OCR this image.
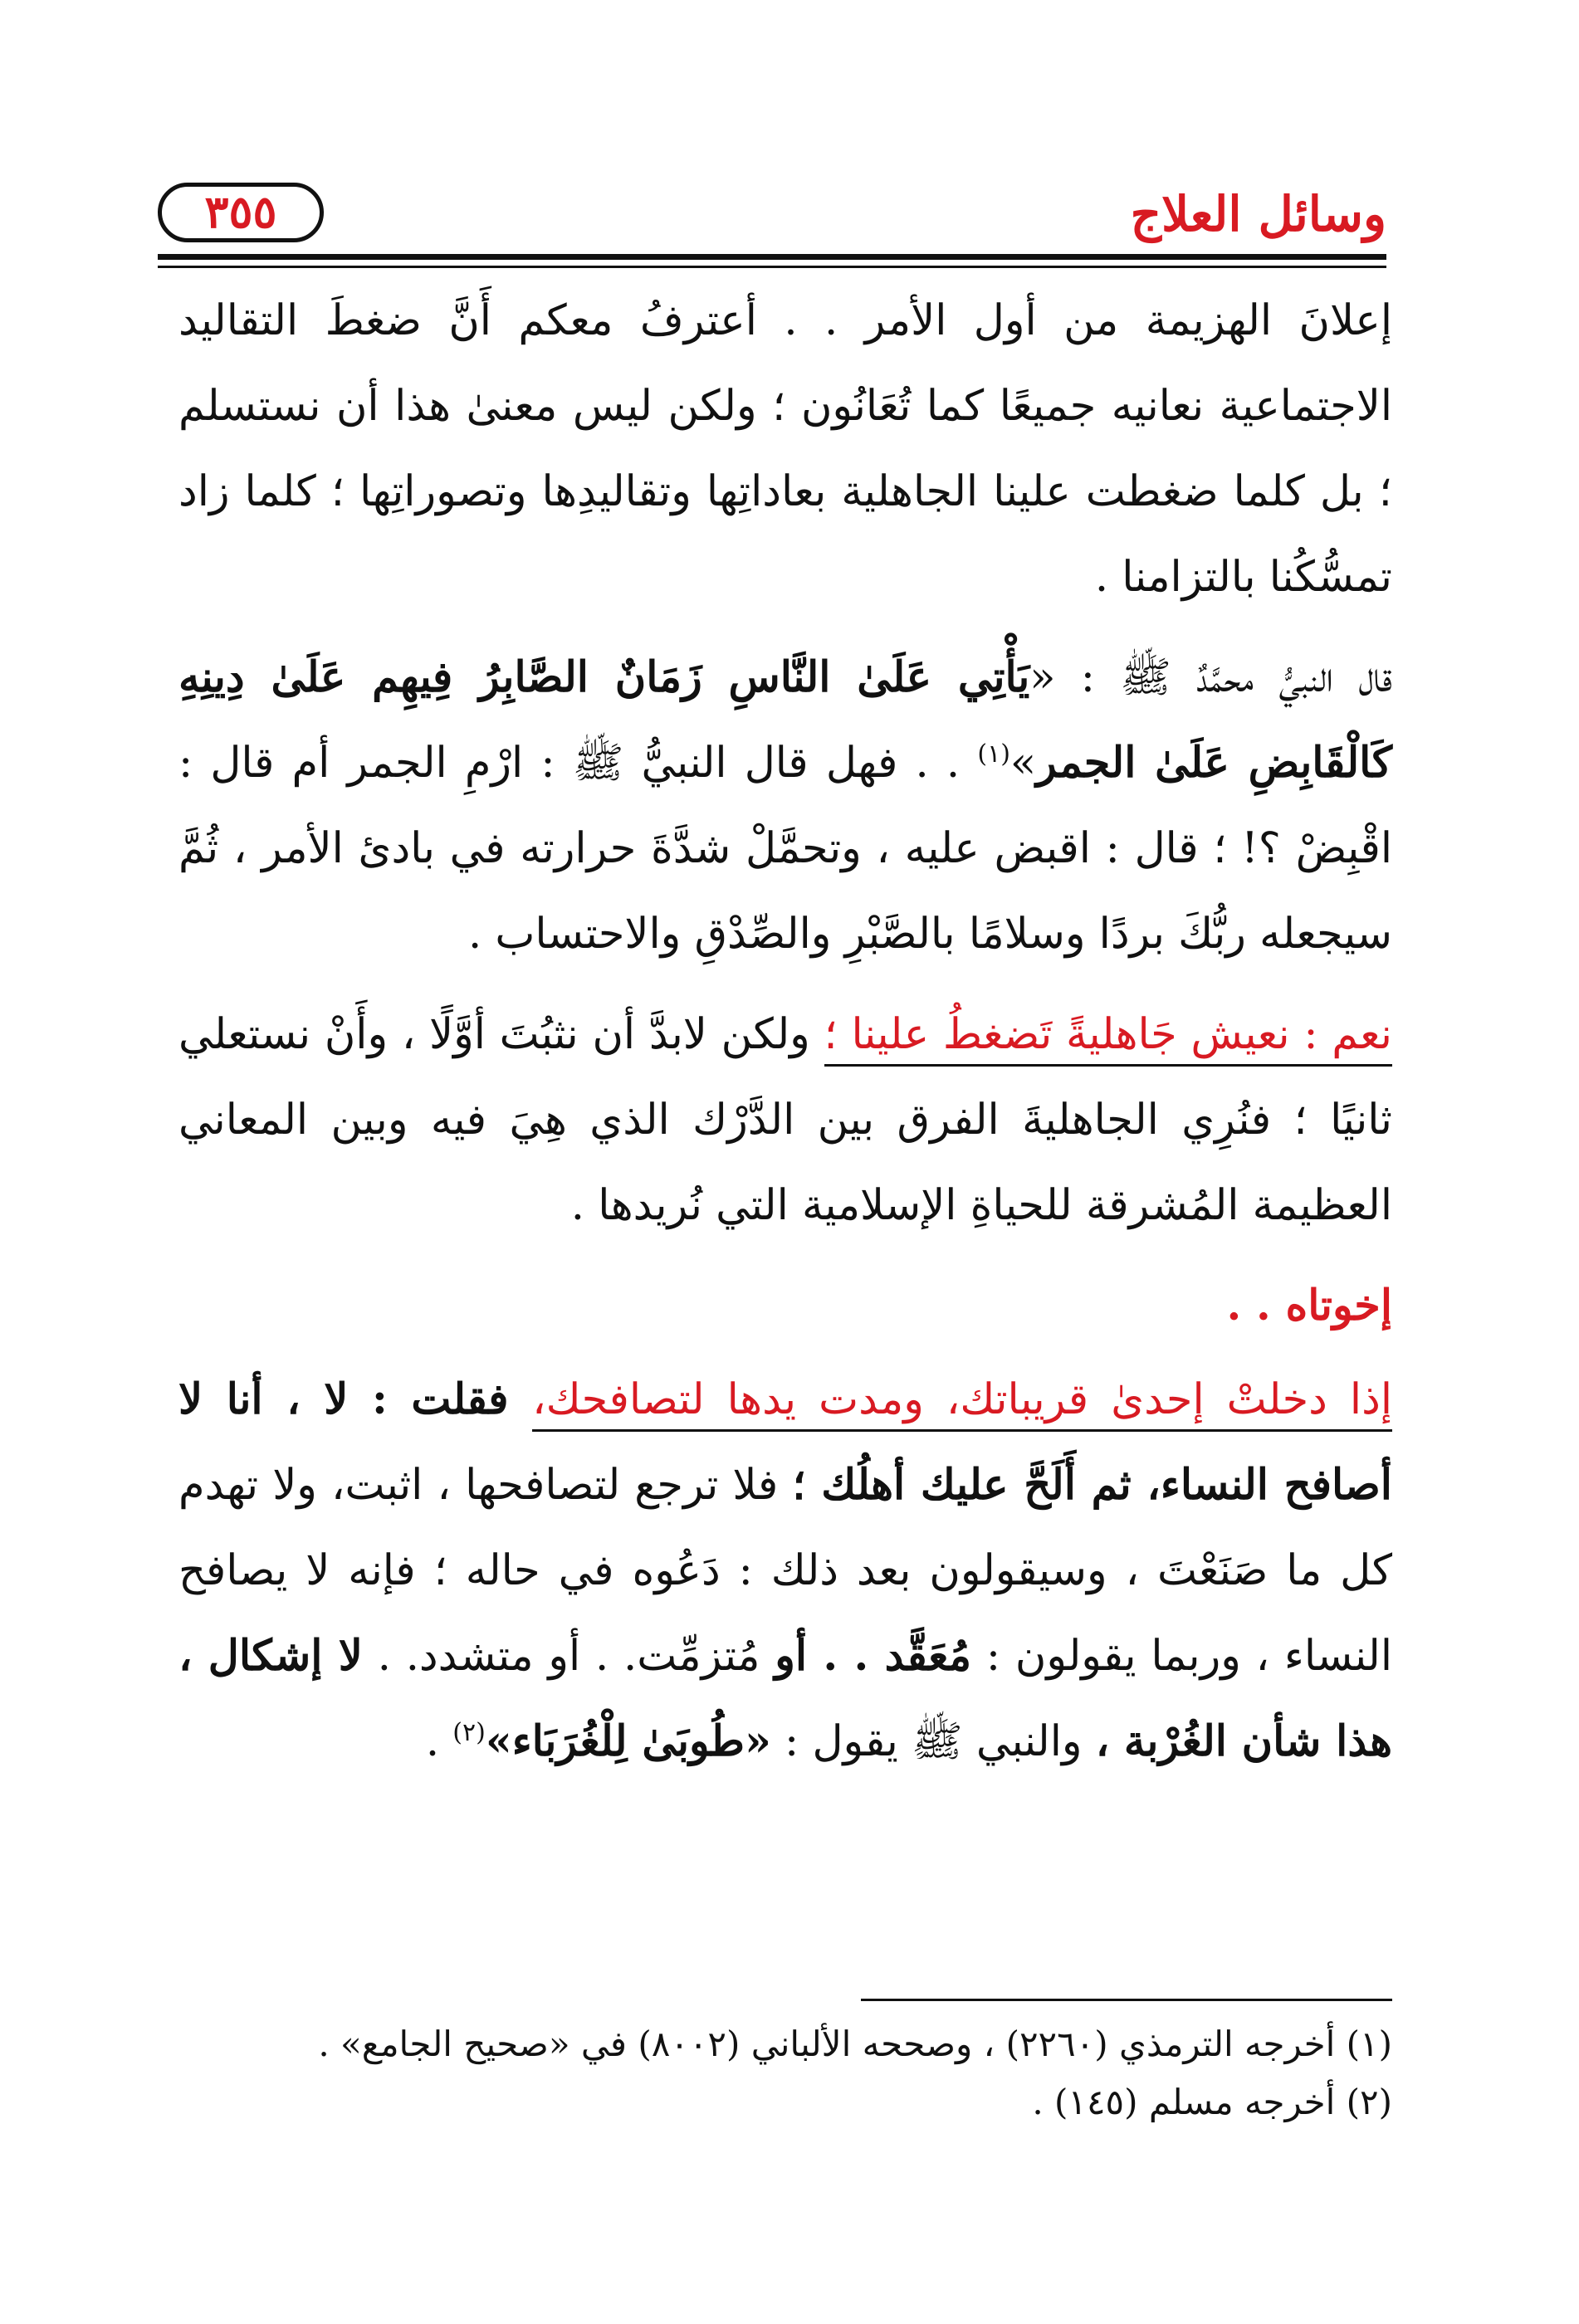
وسائل العلاج
٣٥٥

إعلانَ الهزيمة من أول الأمر . . أعترفُ معكم أَنَّ ضغطَ التقاليد الاجتماعية نعانيه جميعًا كما تُعَانُون ؛ ولكن ليس معنىٰ هذا أن نستسلم ؛ بل كلما ضغطت علينا الجاهلية بعاداتِها وتقاليدِها وتصوراتِها ؛ كلما زاد تمسُّكُنا بالتزامنا .

قال النبيُّ محمَّدٌ ﷺ : «يَأْتِي عَلَىٰ النَّاسِ زَمَانٌ الصَّابِرُ فِيهِم عَلَىٰ دِينِهِ كَالْقَابِضِ عَلَىٰ الجمر»$^{(١)}$ . . فهل قال النبيُّ ﷺ : ارْمِ الجمر أم قال : اقْبِضْ ؟! ؛ قال : اقبض عليه ، وتحمَّلْ شدَّةَ حرارته في بادئ الأمر ، ثُمَّ سيجعله ربُّكَ بردًا وسلامًا بالصَّبْرِ والصِّدْقِ والاحتساب .

نعم : نعيش جَاهليةً تَضغطُ علينا ؛ ولكن لابدَّ أن نثبُتَ أوَّلًا ، وأَنْ نستعلي ثانيًا ؛ فنُرِي الجاهليةَ الفرق بين الدَّرْك الذي هِيَ فيه وبين المعاني العظيمة المُشرقة للحياةِ الإسلامية التي نُريدها .

إخوتاه . .

إذا دخلتْ إحدىٰ قريباتك، ومدت يدها لتصافحك، فقلت : لا ، أنا لا أصافح النساء، ثم أَلَحَّ عليك أهلُك ؛ فلا ترجع لتصافحها ، اثبت، ولا تهدم كل ما صَنَعْتَ ، وسيقولون بعد ذلك : دَعُوه في حاله ؛ فإنه لا يصافح النساء ، وربما يقولون : مُعَقَّد . . أو مُتزمِّت. . أو متشدد. . لا إشكال ، هذا شأن الغُرْبة ، والنبي ﷺ يقول : «طُوبَىٰ لِلْغُرَبَاء»$^{(٢)}$ .

(١) أخرجه الترمذي (٢٢٦٠) ، وصححه الألباني (٨٠٠٢) في «صحيح الجامع» .

(٢) أخرجه مسلم (١٤٥) .
